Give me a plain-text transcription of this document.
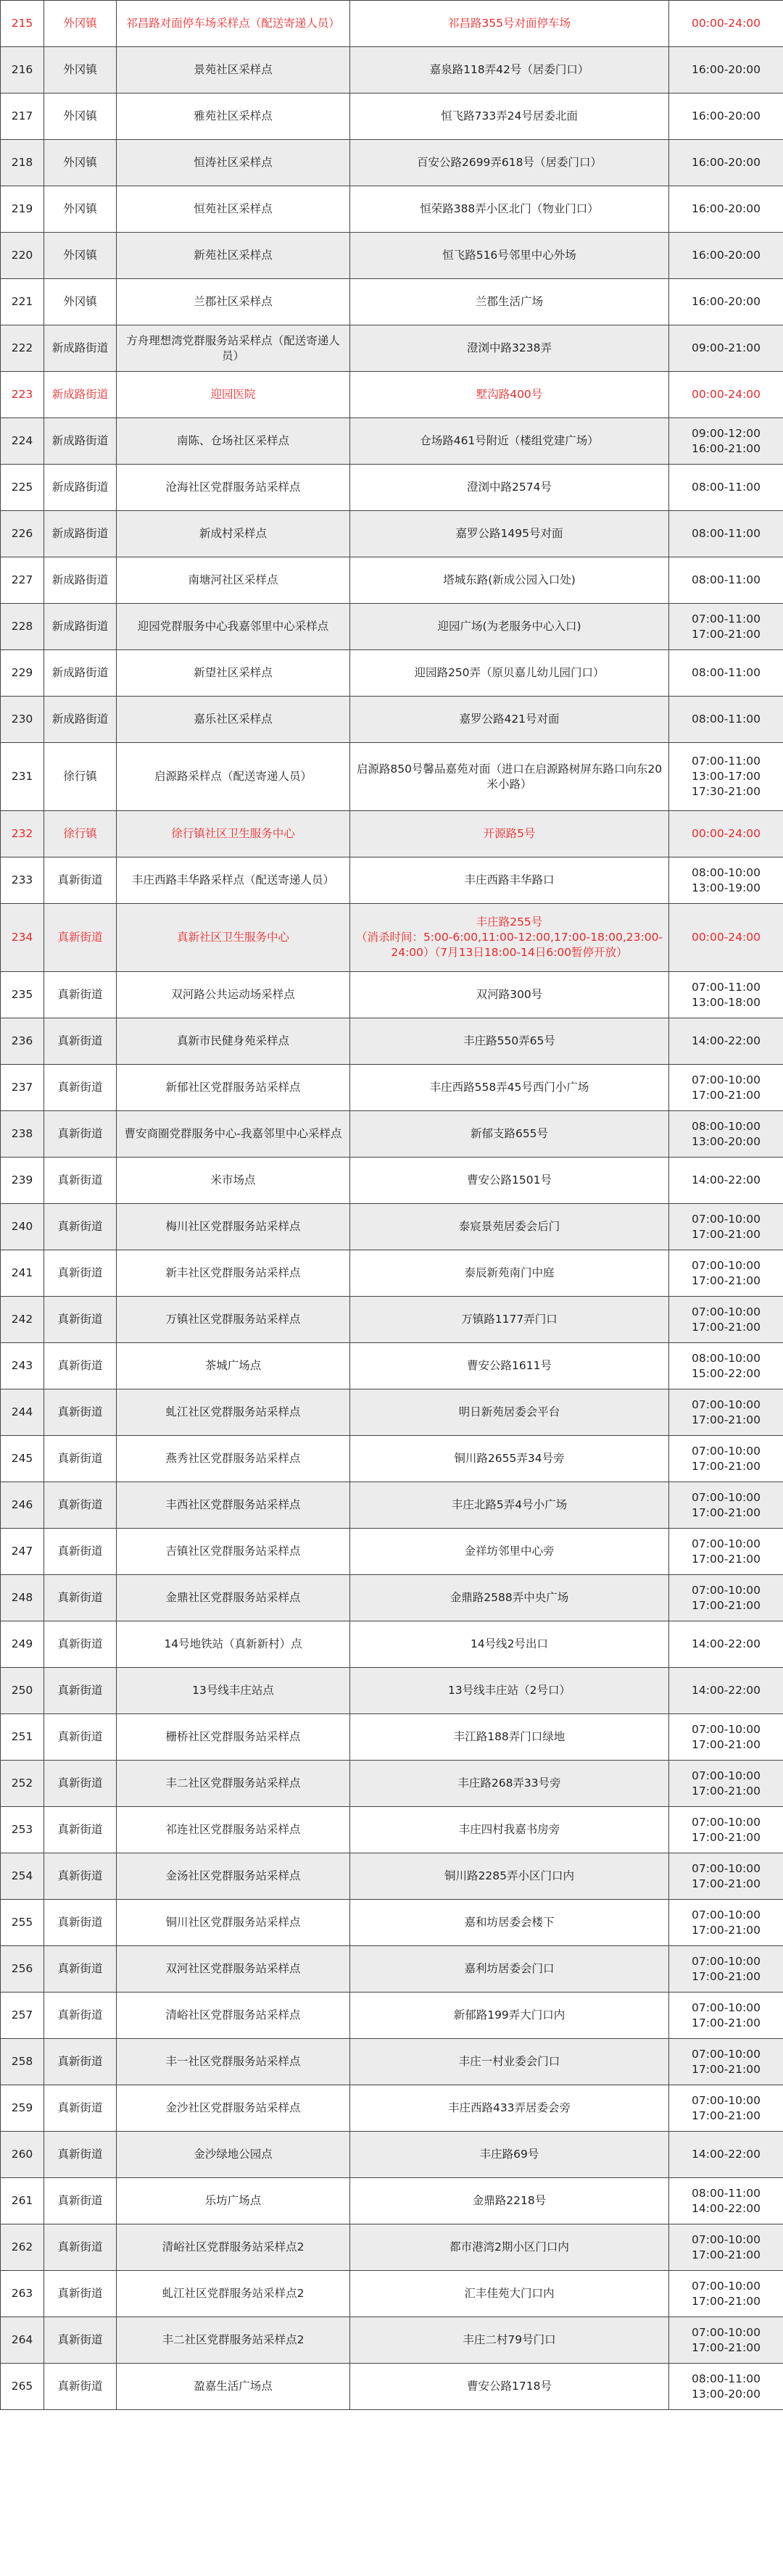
215	外冈镇	祁昌路对面停车场采样点（配送寄递人员）	祁昌路355号对面停车场	00:00-24:00

216	外冈镇	景苑社区采样点	嘉泉路118弄42号（居委门口）	16:00-20:00

217	外冈镇	雅苑社区采样点	恒飞路733弄24号居委北面	16:00-20:00

218	外冈镇	恒涛社区采样点	百安公路2699弄618号（居委门口）	16:00-20:00

219	外冈镇	恒苑社区采样点	恒荣路388弄小区北门（物业门口）	16:00-20:00

220	外冈镇	新苑社区采样点	恒飞路516号邻里中心外场	16:00-20:00

221	外冈镇	兰郡社区采样点	兰郡生活广场	16:00-20:00

222	新成路街道	方舟理想湾党群服务站采样点（配送寄递人员）	澄浏中路3238弄	09:00-21:00

223	新成路街道	迎园医院	墅沟路400号	00:00-24:00

224	新成路街道	南陈、仓场社区采样点	仓场路461号附近（楼组党建广场）	09:00-12:00
16:00-21:00

225	新成路街道	沧海社区党群服务站采样点	澄浏中路2574号	08:00-11:00

226	新成路街道	新成村采样点	嘉罗公路1495号对面	08:00-11:00

227	新成路街道	南塘河社区采样点	塔城东路(新成公园入口处)	08:00-11:00

228	新成路街道	迎园党群服务中心我嘉邻里中心采样点	迎园广场(为老服务中心入口)	07:00-11:00
17:00-21:00

229	新成路街道	新望社区采样点	迎园路250弄（原贝嘉儿幼儿园门口）	08:00-11:00

230	新成路街道	嘉乐社区采样点	嘉罗公路421号对面	08:00-11:00

231	徐行镇	启源路采样点（配送寄递人员）	启源路850号馨品嘉苑对面（进口在启源路树屏东路口向东20米小路）	07:00-11:00
13:00-17:00
17:30-21:00

232	徐行镇	徐行镇社区卫生服务中心	开源路5号	00:00-24:00

233	真新街道	丰庄西路丰华路采样点（配送寄递人员）	丰庄西路丰华路口	08:00-10:00
13:00-19:00

234	真新街道	真新社区卫生服务中心	丰庄路255号
（消杀时间：5:00-6:00,11:00-12:00,17:00-18:00,23:00-24:00）（7月13日18:00-14日6:00暂停开放）	00:00-24:00

235	真新街道	双河路公共运动场采样点	双河路300号	07:00-11:00
13:00-18:00

236	真新街道	真新市民健身苑采样点	丰庄路550弄65号	14:00-22:00

237	真新街道	新郁社区党群服务站采样点	丰庄西路558弄45号西门小广场	07:00-10:00
17:00-21:00

238	真新街道	曹安商圈党群服务中心-我嘉邻里中心采样点	新郁支路655号	08:00-10:00
13:00-20:00

239	真新街道	米市场点	曹安公路1501号	14:00-22:00

240	真新街道	梅川社区党群服务站采样点	泰宸景苑居委会后门	07:00-10:00
17:00-21:00

241	真新街道	新丰社区党群服务站采样点	泰辰新苑南门中庭	07:00-10:00
17:00-21:00

242	真新街道	万镇社区党群服务站采样点	万镇路1177弄门口	07:00-10:00
17:00-21:00

243	真新街道	茶城广场点	曹安公路1611号	08:00-10:00
15:00-22:00

244	真新街道	虬江社区党群服务站采样点	明日新苑居委会平台	07:00-10:00
17:00-21:00

245	真新街道	燕秀社区党群服务站采样点	铜川路2655弄34号旁	07:00-10:00
17:00-21:00

246	真新街道	丰西社区党群服务站采样点	丰庄北路5弄4号小广场	07:00-10:00
17:00-21:00

247	真新街道	吉镇社区党群服务站采样点	金祥坊邻里中心旁	07:00-10:00
17:00-21:00

248	真新街道	金鼎社区党群服务站采样点	金鼎路2588弄中央广场	07:00-10:00
17:00-21:00

249	真新街道	14号地铁站（真新新村）点	14号线2号出口	14:00-22:00

250	真新街道	13号线丰庄站点	13号线丰庄站（2号口）	14:00-22:00

251	真新街道	栅桥社区党群服务站采样点	丰江路188弄门口绿地	07:00-10:00
17:00-21:00

252	真新街道	丰二社区党群服务站采样点	丰庄路268弄33号旁	07:00-10:00
17:00-21:00

253	真新街道	祁连社区党群服务站采样点	丰庄四村我嘉书房旁	07:00-10:00
17:00-21:00

254	真新街道	金汤社区党群服务站采样点	铜川路2285弄小区门口内	07:00-10:00
17:00-21:00

255	真新街道	铜川社区党群服务站采样点	嘉和坊居委会楼下	07:00-10:00
17:00-21:00

256	真新街道	双河社区党群服务站采样点	嘉利坊居委会门口	07:00-10:00
17:00-21:00

257	真新街道	清峪社区党群服务站采样点	新郁路199弄大门口内	07:00-10:00
17:00-21:00

258	真新街道	丰一社区党群服务站采样点	丰庄一村业委会门口	07:00-10:00
17:00-21:00

259	真新街道	金沙社区党群服务站采样点	丰庄西路433弄居委会旁	07:00-10:00
17:00-21:00

260	真新街道	金沙绿地公园点	丰庄路69号	14:00-22:00

261	真新街道	乐坊广场点	金鼎路2218号	08:00-11:00
14:00-22:00

262	真新街道	清峪社区党群服务站采样点2	都市港湾2期小区门口内	07:00-10:00
17:00-21:00

263	真新街道	虬江社区党群服务站采样点2	汇丰佳苑大门口内	07:00-10:00
17:00-21:00

264	真新街道	丰二社区党群服务站采样点2	丰庄二村79号门口	07:00-10:00
17:00-21:00

265	真新街道	盈嘉生活广场点	曹安公路1718号	08:00-11:00
13:00-20:00
